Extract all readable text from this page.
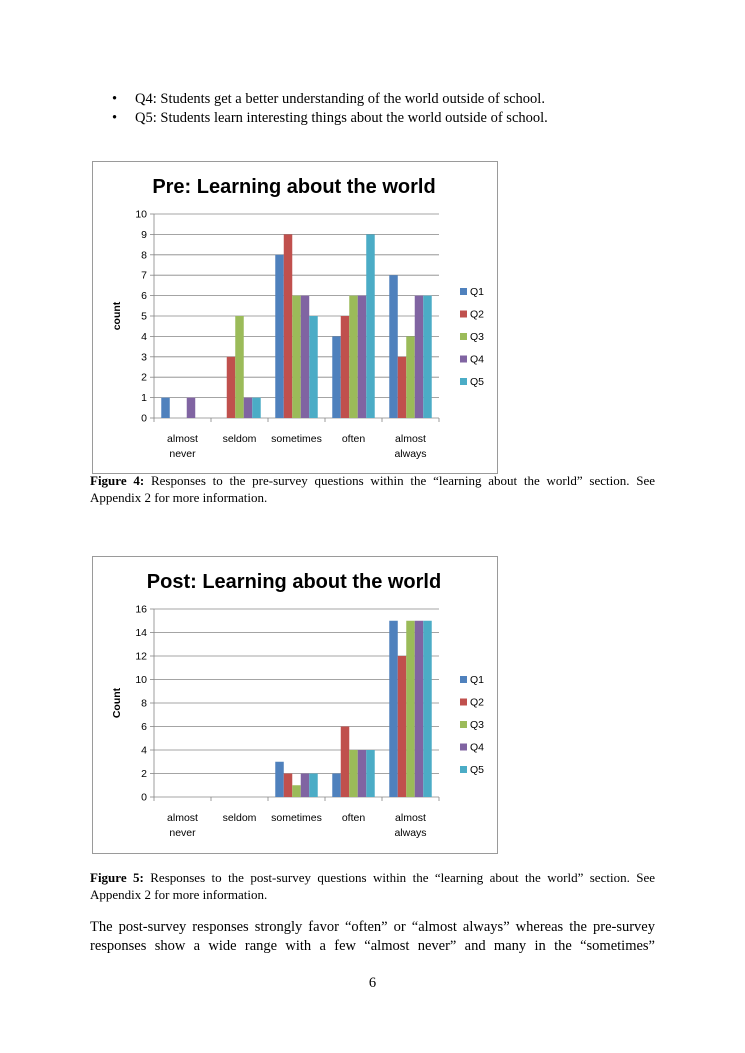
• Q4: Students get a better understanding of the world outside of school.
• Q5: Students learn interesting things about the world outside of school.
Pre: Learning about the world
0
1
2
3
4
5
6
7
8
9
10
count
almost
never
seldom sometimes often	almost
always
Q1
Q2
Q3
Q4
Q5
Figure 4: Responses to the pre-survey questions within the “learning about the world” section. See Appendix 2 for more information.
Post: Learning about the world
0
2
4
6
8
10
12
14
16
Count
almost
never
seldom sometimes often	almost
always
Q1
Q2
Q3
Q4
Q5
Figure 5: Responses to the post-survey questions within the “learning about the world” section. See Appendix 2 for more information.
The post-survey responses strongly favor “often” or “almost always” whereas the pre-survey responses show a wide range with a few “almost never” and many in the “sometimes”
6
